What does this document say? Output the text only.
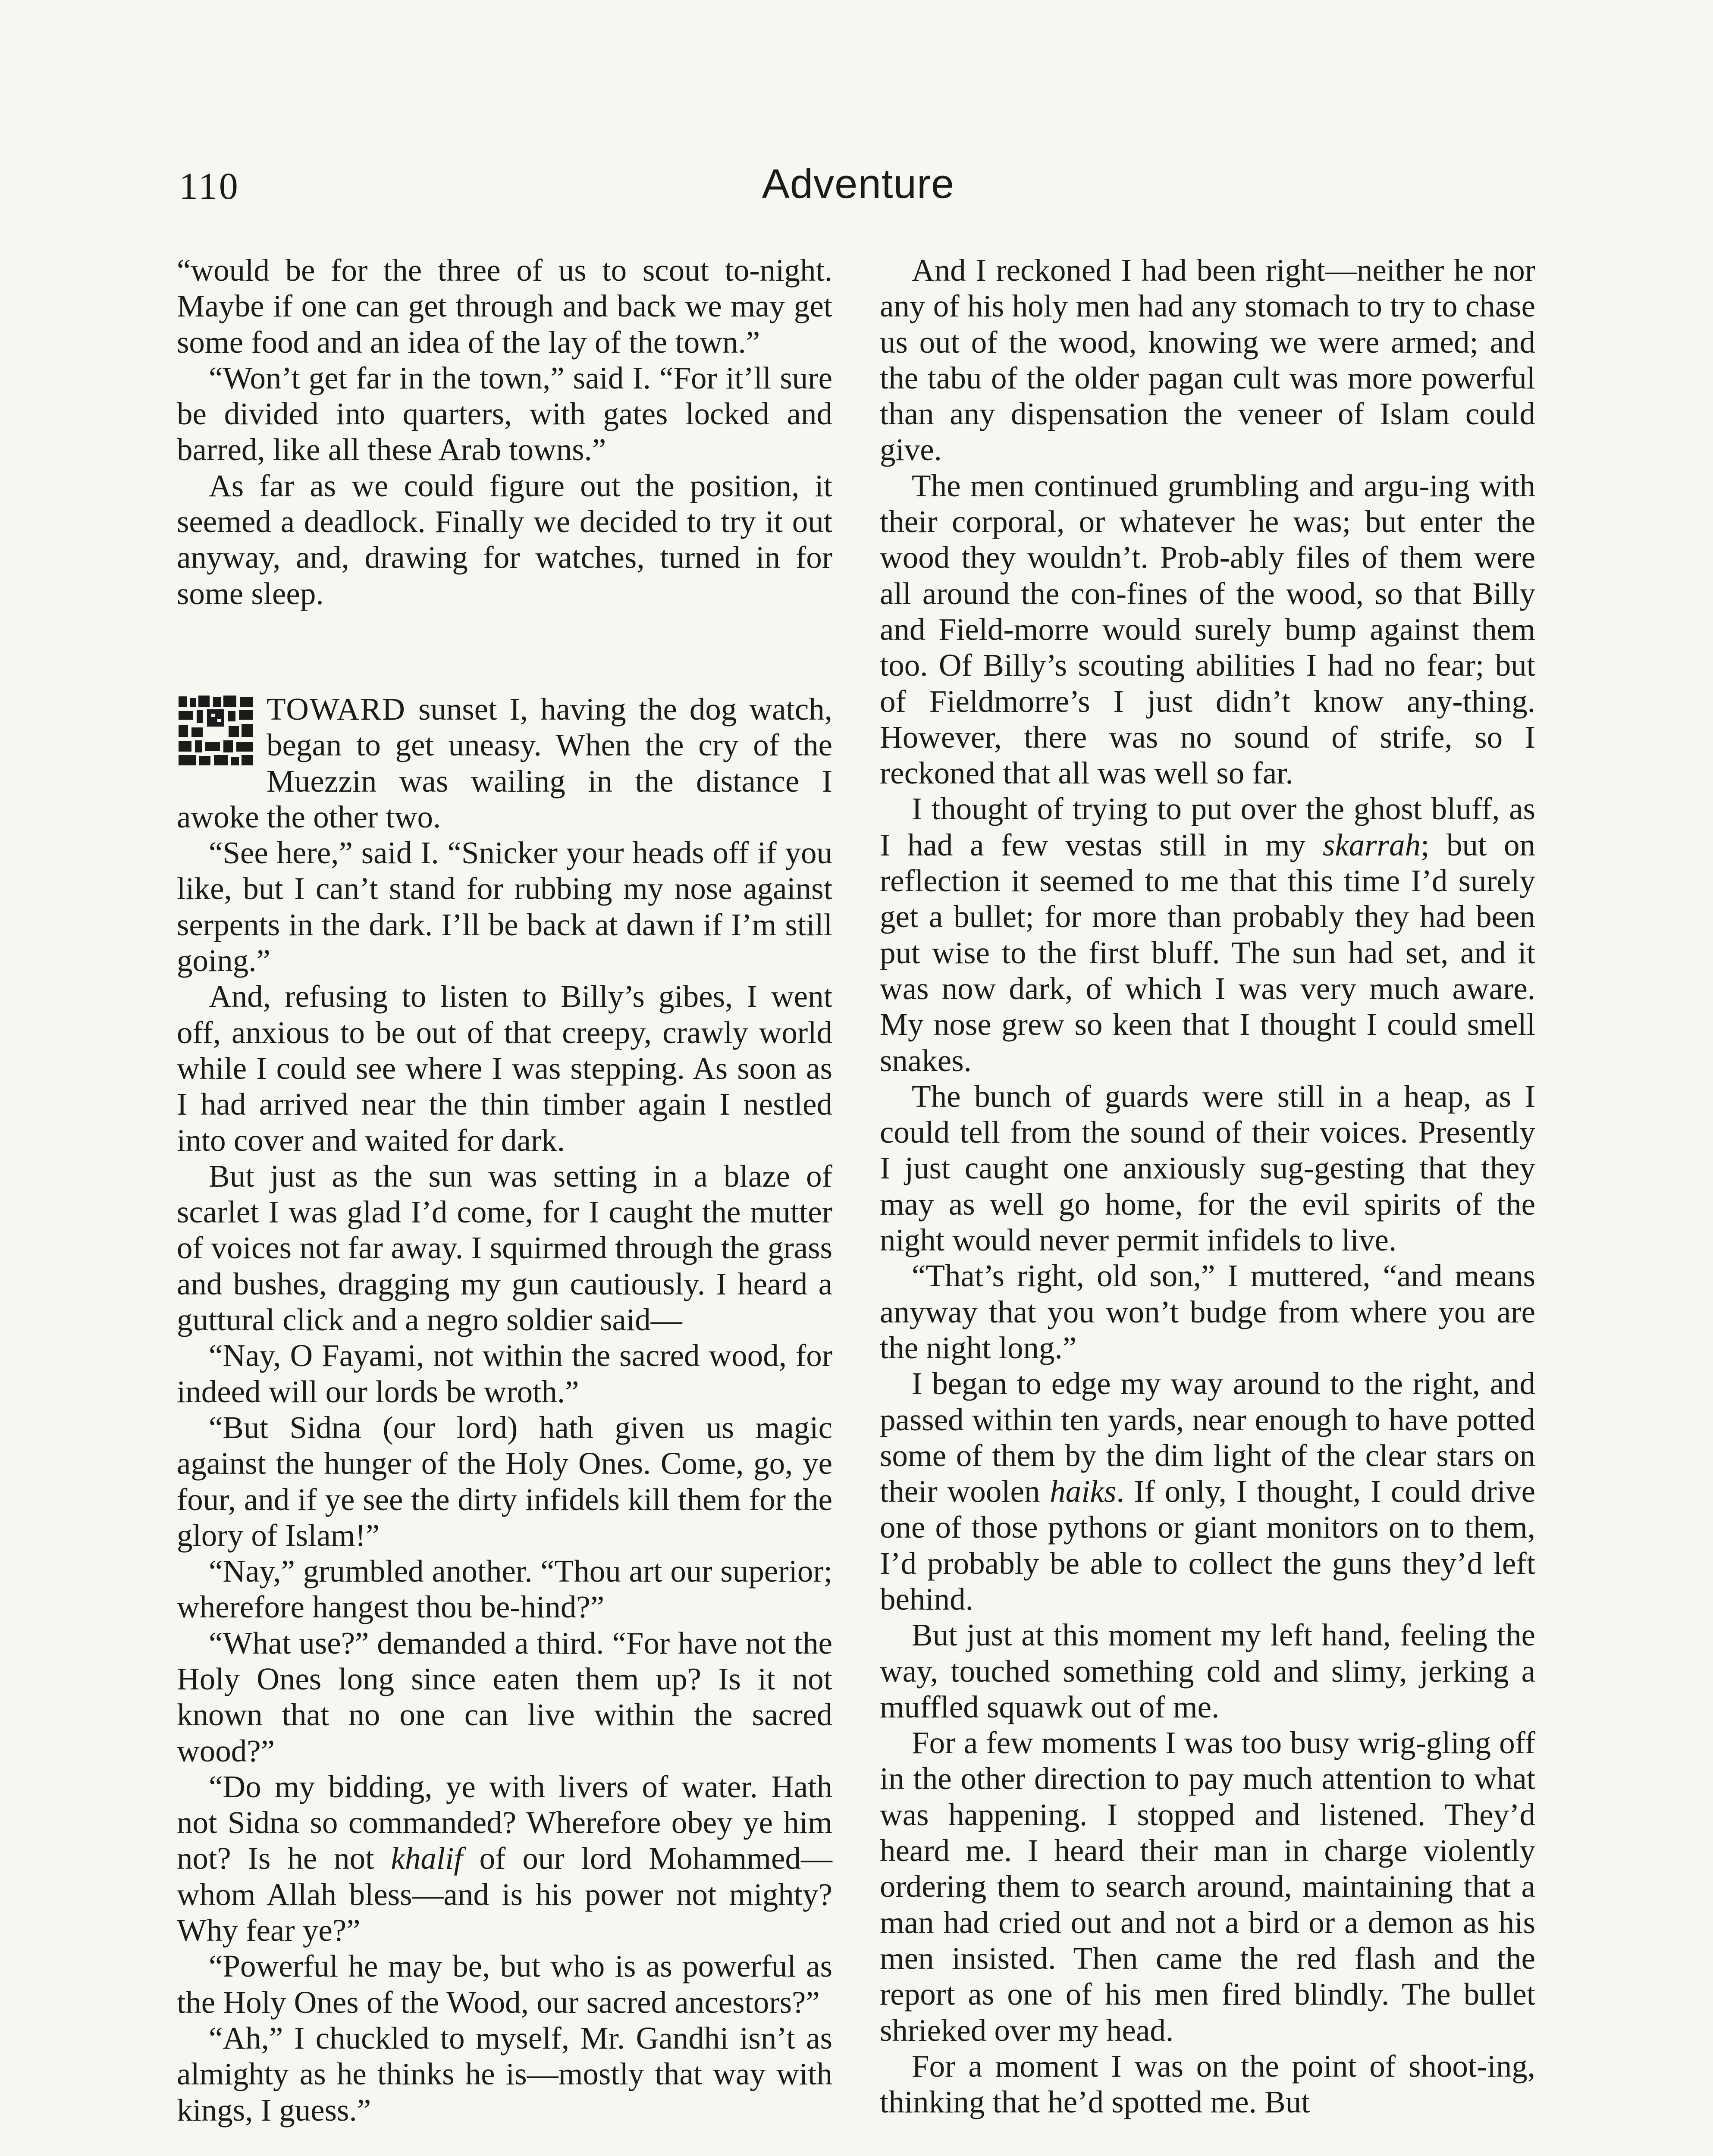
110	Adventure

“would be for the three of us to scout to-night. Maybe if one can get through and back we may get some food and an idea of the lay of the town.”

“Won’t get far in the town,” said I. “For it’ll sure be divided into quarters, with gates locked and barred, like all these Arab towns.”

As far as we could figure out the position, it seemed a deadlock. Finally we decided to try it out anyway, and, drawing for watches, turned in for some sleep.

TOWARD sunset I, having the dog watch, began to get uneasy. When the cry of the Muezzin was wailing in the distance I awoke the other two.

“See here,” said I. “Snicker your heads off if you like, but I can’t stand for rubbing my nose against serpents in the dark. I’ll be back at dawn if I’m still going.”

And, refusing to listen to Billy’s gibes, I went off, anxious to be out of that creepy, crawly world while I could see where I was stepping. As soon as I had arrived near the thin timber again I nestled into cover and waited for dark.

But just as the sun was setting in a blaze of scarlet I was glad I’d come, for I caught the mutter of voices not far away. I squirmed through the grass and bushes, dragging my gun cautiously. I heard a guttural click and a negro soldier said—

“Nay, O Fayami, not within the sacred wood, for indeed will our lords be wroth.”

“But Sidna (our lord) hath given us magic against the hunger of the Holy Ones. Come, go, ye four, and if ye see the dirty infidels kill them for the glory of Islam!”

“Nay,” grumbled another. “Thou art our superior; wherefore hangest thou be-hind?”

“What use?” demanded a third. “For have not the Holy Ones long since eaten them up? Is it not known that no one can live within the sacred wood?”

“Do my bidding, ye with livers of water. Hath not Sidna so commanded? Wherefore obey ye him not? Is he not khalif of our lord Mohammed—whom Allah bless—and is his power not mighty? Why fear ye?”

“Powerful he may be, but who is as powerful as the Holy Ones of the Wood, our sacred ancestors?”

“Ah,” I chuckled to myself, Mr. Gandhi isn’t as almighty as he thinks he is—mostly that way with kings, I guess.”

And I reckoned I had been right—neither he nor any of his holy men had any stomach to try to chase us out of the wood, knowing we were armed; and the tabu of the older pagan cult was more powerful than any dispensation the veneer of Islam could give.

The men continued grumbling and argu-ing with their corporal, or whatever he was; but enter the wood they wouldn’t. Prob-ably files of them were all around the con-fines of the wood, so that Billy and Field-morre would surely bump against them too. Of Billy’s scouting abilities I had no fear; but of Fieldmorre’s I just didn’t know any-thing. However, there was no sound of strife, so I reckoned that all was well so far.

I thought of trying to put over the ghost bluff, as I had a few vestas still in my skarrah; but on reflection it seemed to me that this time I’d surely get a bullet; for more than probably they had been put wise to the first bluff. The sun had set, and it was now dark, of which I was very much aware. My nose grew so keen that I thought I could smell snakes.

The bunch of guards were still in a heap, as I could tell from the sound of their voices. Presently I just caught one anxiously sug-gesting that they may as well go home, for the evil spirits of the night would never permit infidels to live.

“That’s right, old son,” I muttered, “and means anyway that you won’t budge from where you are the night long.”

I began to edge my way around to the right, and passed within ten yards, near enough to have potted some of them by the dim light of the clear stars on their woolen haiks. If only, I thought, I could drive one of those pythons or giant monitors on to them, I’d probably be able to collect the guns they’d left behind.

But just at this moment my left hand, feeling the way, touched something cold and slimy, jerking a muffled squawk out of me.

For a few moments I was too busy wrig-gling off in the other direction to pay much attention to what was happening. I stopped and listened. They’d heard me. I heard their man in charge violently ordering them to search around, maintaining that a man had cried out and not a bird or a demon as his men insisted. Then came the red flash and the report as one of his men fired blindly. The bullet shrieked over my head.

For a moment I was on the point of shoot-ing, thinking that he’d spotted me. But
